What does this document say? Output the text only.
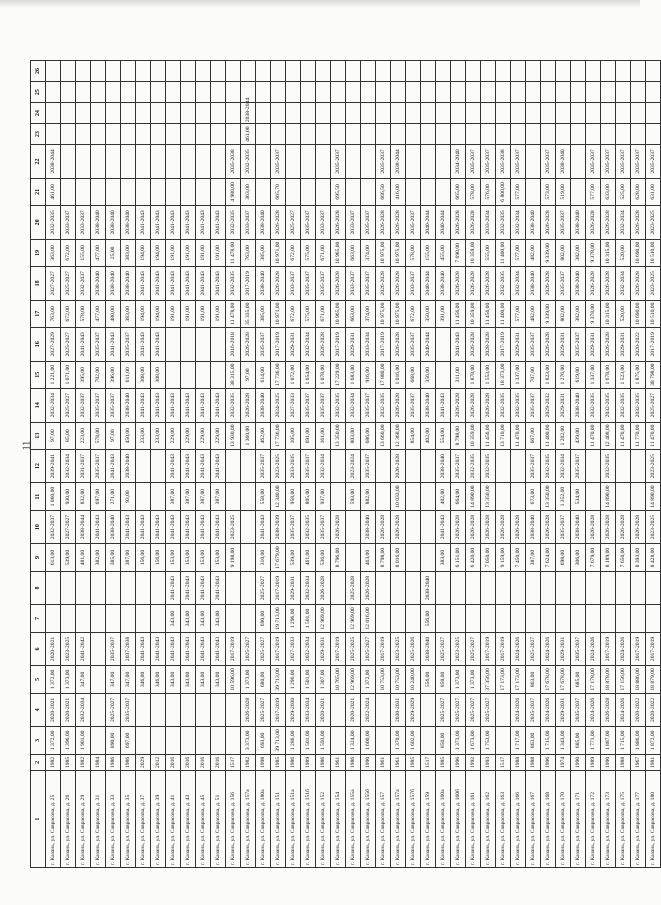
11
1	2	3	4	5	6	7	8	9	10	11	12	13	14	15	16	17	18	19	20	21	22	23	24	25	26
г. Казань, ул. Саврасова, д. 25	1982	1 372,00	2020-2021	1 372,00	2020-2021			613,00	2032-2037	1 060,00	2039-2041	97,00	2032-2034	1 221,00	2027-2029	763,00	2027-2027	363,00	2032-2035	461,00	2038-2044				
г. Казань, ул. Саврасова, д. 26	1985	1 396,00	2020-2021	1 373,00	2023-2025			539,00	2027-2027	930,00	2032-2034	85,00	2025-2027	1 071,00	2025-2027	672,00	2025-2027	672,00	2033-2037						
г. Казань, ул. Саврасова, д. 29	1982	1 901,00	2032-2034	347,00	2041-2042			481,00	2038-2044	832,00	2031-2037	223,00	2032-2037	395,00	2041-2043	578,00	2032-2037	155,00	2033-2037						
г. Казань, ул. Саврасова, д. 31	1984							382,00	2041-2043	697,00	2035-2037	578,00	2035-2037	702,00	2035-2037	477,00	2038-2040	477,00	2038-2040						
г. Казань, ул. Саврасова, д. 33	1986	890,00	2025-2027	347,00	2035-2037			385,00	2038-2040	271,00	2041-2043	97,00	2035-2037	396,00	2041-2043	480,00	2038-2040	25,00	2038-2040						
г. Казань, ул. Саврасова, д. 35	1986	697,00	2035-2037	347,00	2037-2038			387,00	2041-2043	93,00	2038-2040	450,00	2038-2040	611,00	2035-2037	383,00	2038-2040	383,00	2038-2040						
г. Казань, ул. Саврасова, д. 37	2029			346,00	2041-2043			156,00	2041-2043			233,00	2041-2043	308,00	2041-2043	194,00	2041-2043	194,00	2041-2043						
г. Казань, ул. Саврасова, д. 39	2012			346,00	2041-2043			156,00	2041-2043			233,00	2041-2043	308,00	2041-2043	194,00	2041-2043	194,00	2041-2043						
г. Казань, ул. Саврасова, д. 41	2016			343,00	2041-2043	343,00	2041-2043	153,00	2041-2043	387,00	2041-2043	229,00	2041-2043			191,00	2041-2043	191,00	2041-2043						
г. Казань, ул. Саврасова, д. 43	2016			343,00	2041-2043	343,00	2041-2043	153,00	2041-2043	387,00	2041-2043	229,00	2041-2043			191,00	2041-2043	191,00	2041-2043						
г. Казань, ул. Саврасова, д. 45	2016			343,00	2041-2043	343,00	2041-2043	153,00	2041-2043	387,00	2041-2043	229,00	2041-2043			191,00	2041-2043	191,00	2041-2043						
г. Казань, ул. Саврасова, д. 51	2016			343,00	2041-2043	343,00	2041-2043	153,00	2041-2043	387,00	2041-2043	229,00	2041-2043			191,00	2041-2043	191,00	2041-2043						
г. Казань, ул. Саврасова, д. 156	1517			10 596,00	2017-2019			9 198,00	2023-2025			13 930,00	2032-2035	38 315,00	2016-2018	11 478,00	2032-2035	11 478,00	2032-2035	4 980,00	2035-2038				
г. Казань, ул. Саврасова, д. 157а	1982	3 373,00	2026-2028	1 373,00	2025-2027							1 360,00	2026-2028	97,00	2026-2028	35 335,00	2017-2019	763,00	2033-2037	363,00	2032-2035	461,00	2038-2044		
г. Казань, ул. Саврасова, д. 180а	1998	693,00	2025-2027	680,00	2025-2027	690,00	2025-2027	310,00	2041-2043	558,00	2035-2037	462,00	2038-2040	614,00	2035-2037	385,00	2038-2040	385,00	2038-2040						
г. Казань, ул. Саврасова, д. 151	1985	39 713,00	2017-2019	39 713,00	2017-2019	19 713,00	2017-2019	17 679,00	2038-2039	12 340,00	2023-2025	17 736,00	2024-2025	17 736,00	2017-2019	10 971,00	2026-2028	10 971,00	2026-2028	665,70	2035-2037				
г. Казань, ул. Саврасова, д. 151а	1986	1 286,00	2029-2030	1 296,00	2027-2033	1 296,00	2029-2031	539,00	2035-2037	958,00	2033-2035	105,00	2027-2033	1 072,00	2029-2031	672,00	2033-2037	672,00	2025-2027						
г. Казань, ул. Саврасова, д. 151б	1989	1 501,00	2033-2034	1 501,00	2032-2034	1 501,00	2032-2034	461,00	2032-2035	805,00	2035-2037	691,00	2035-2037	1 054,00	2032-2034	575,00	2035-2037	575,00	2035-2037						
г. Казань, ул. Саврасова, д. 152	1986	1 593,00	2020-2021	1 307,00	2029-2031	12 969,00	2026-2028	536,00	2035-2037	937,00	2032-2034	161,00	2035-2037	1 078,00	2026-2028	671,00	2035-2037	671,00	2033-2037						
г. Казань, ул. Саврасова, д. 154	1961			10 765,00	2017-2019			8 796,00	2026-2028			13 350,00	2032-2035	17 229,00	2017-2019	10 965,00	2026-2028	10 965,00	2026-2028	695,50	2035-2037				
г. Казань, ул. Саврасова, д. 155а	1986	1 324,00	2020-2021	12 969,00	2025-2025	12 969,00	2025-2028			593,00	2023-2024	803,00	2032-2034	1 683,00	2029-2031	663,00	2033-2037	663,00	2033-2037						
г. Казань, ул. Саврасова, д. 155б	1990	1 600,00	2022-2024	1 372,00	2025-2027	12 016,00	2026-2028	463,00	2038-2040	882,00	2035-2037	686,00	2035-2037	916,00	2033-2034	374,00	2035-2037	374,00	2035-2037						
г. Казань, ул. Саврасова, д. 157	1961			10 753,00	2017-2019			8 798,00	2026-2028			13 660,00	2032-2035	17 880,00	2017-2019	10 975,00	2026-2028	10 975,00	2026-2028	666,50	2035-2037				
г. Казань, ул. Саврасова, д. 157а	1961	1 370,00	2030-2031	10 753,00	2023-2025			8 016,00	2026-2028	10 033,00	2026-2028	12 368,00	2026-2028	1 016,00	2026-2028	10 975,00	2026-2028	10 975,00	2026-2028	416,00	2038-2044				
г. Казань, ул. Саврасова, д. 157б	1985	1 602,00	2029-2029	10 240,00	2025-2026							854,00	2035-2037	668,00	2035-2037	672,00	2033-2037	578,00	2035-2037						
г. Казань, ул. Саврасова, д. 159	1517			556,00	2038-2040	556,00	2038-2040					402,00	2038-2040	356,00	2040-2044	350,00	2040-2044	155,00	2040-2044						
г. Казань, ул. Саврасова, д. 160а	1985	850,00	2025-2027	850,00	2025-2027			383,00	2041-2043	402,00	2038-2040	554,00	2041-2043			391,00	2038-2040	455,00	2040-2044						
г. Казань, ул. Саврасова, д. 160б	1996	1 373,00	2025-2027	1 373,00	2023-2025			6 151,00	2026-2028	664,00	2035-2037	8 798,00	2026-2028	311,00	2041-2043	11 456,00	2026-2028	7 690,00	2026-2028	665,00	2034-2040				
г. Казань, ул. Саврасова, д. 161	1992	1 673,00	2025-2027	1 373,00	2025-2027			6 420,00	2026-2028	14 890,00	2032-2035	10 359,00	2026-2028	1 878,00	2026-2028	10 359,00	2026-2028	10 359,00	2026-2028	578,00	2035-2037				
г. Казань, ул. Саврасова, д. 162	1993	1 753,00	2025-2027	37 356,00	2017-2019			7 050,00	2026-2028	13 350,00	2032-2035	11 456,00	2026-2028	1 553,00	2028-2028	11 456,00	2026-2028	555,00	2033-2034	576,00	2035-2037				
г. Казань, ул. Саврасова, д. 163	1517			17 173,00	2017-2019			9 159,00	2026-2028			13 710,00	2032-2035	18 373,00	2017-2019	11 400,00	2032-2035	11 400,00	2032-2035	6 800,00	2035-2038				
г. Казань, ул. Саврасова, д. 166	1988	1 717,00	2024-2026	17 173,00	2024-2026			7 450,00	2026-2028			11 470,00	2032-2035	1 337,00	2029-2031	577,00	2032-2034	577,00	2032-2034	577,00	2035-2037				
г. Казань, ул. Саврасова, д. 167	1988	863,00	2035-2037	863,00	2025-2027			387,00	2038-2040	673,00	2035-2037	667,00	2035-2037	707,00	2035-2037	482,00	2038-2040	482,00	2038-2040						
г. Казань, ул. Саврасова, д. 168	1996	1 715,00	2024-2026	17 678,00	2024-2026			7 624,00	2026-2028	13 350,00	2032-2035	11 400,00	2029-2032	1 823,00	2026-2028	9 339,00	2026-2028	9 339,00	2026-2028	573,00	2035-2037				
г. Казань, ул. Саврасова, д. 170	1974	1 343,00	2029-2031	17 678,00	2029-2031			698,00	2035-2037	1 352,00	2032-2034	1 202,00	2029-2031	1 276,00	2029-2031	802,00	2035-2037	802,00	2035-2037	519,00	2038-2040				
г. Казань, ул. Саврасова, д. 171	1990	685,00	2035-2037	685,00	2035-2037			306,00	2038-2040	534,00	2035-2037	439,00	2038-2040	619,00	2035-2037	382,00	2038-2040	382,00	2038-2040						
г. Казань, ул. Саврасова, д. 172	1989	1 771,00	2024-2026	17 178,00	2024-2026			7 679,00	2026-2028			11 470,00	2032-2035	1 337,00	2029-2031	9 378,00	2026-2028	9 378,00	2026-2028	577,00	2035-2037				
г. Казань, ул. Саврасова, д. 173	1990	1 887,00	2026-2028	18 878,00	2017-2019			8 189,00	2026-2028	14 890,00	2032-2035	12 408,00	2032-2035	1 678,00	2026-2028	10 315,00	2026-2028	10 315,00	2026-2028	633,00	2035-2037				
г. Казань, ул. Саврасова, д. 175	1988	1 715,00	2024-2026	17 156,00	2024-2026			7 650,00	2026-2028			11 470,00	2032-2035	1 523,00	2029-2031	520,00	2032-2034	520,00	2032-2034	525,00	2035-2037				
г. Казань, ул. Саврасова, д. 177	1967	1 886,00	2020-2022	18 886,00	2017-2019			8 393,00	2026-2028			11 770,00	2032-2035	1 875,00	2020-2022	10 690,00	2026-2028	10 690,00	2026-2028	628,00	2035-2037				
г. Казань, ул. Саврасова, д. 180	1981	1 872,00	2020-2022	18 879,00	2017-2019			8 428,00	2023-2025	14 890,00	2023-2025	11 470,00	2025-2027	38 798,00	2017-2019	10 510,00	2023-2025	10 510,00	2023-2025	631,00	2035-2037				
